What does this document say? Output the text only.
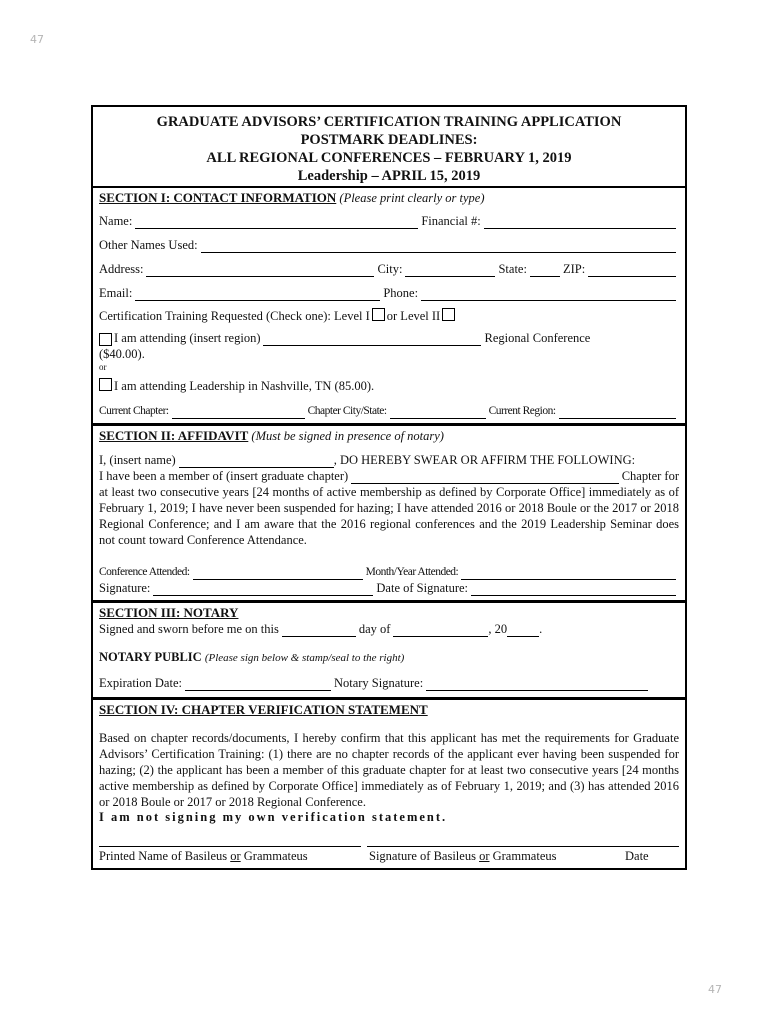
47
GRADUATE ADVISORS’ CERTIFICATION TRAINING APPLICATION
POSTMARK DEADLINES:
ALL REGIONAL CONFERENCES – FEBRUARY 1, 2019
Leadership – APRIL 15, 2019
SECTION I: CONTACT INFORMATION (Please print clearly or type)
Name:	Financial #:
Other Names Used:
Address:	City:	State:	ZIP:
Email:	Phone:
Certification Training Requested (Check one): Level I or Level II
I am attending (insert region)	Regional Conference
($40.00).
or
I am attending Leadership in Nashville, TN (85.00).
Current Chapter:	Chapter City/State:	Current Region:
SECTION II: AFFIDAVIT (Must be signed in presence of notary)
I, (insert name)	, DO HEREBY SWEAR OR AFFIRM THE FOLLOWING:
I have been a member of (insert graduate chapter)	Chapter for
at least two consecutive years [24 months of active membership as defined by Corporate Office] immediately as of February 1, 2019; I have never been suspended for hazing; I have attended 2016 or 2018 Boule or the 2017 or 2018 Regional Conference; and I am aware that the 2016 regional conferences and the 2019 Leadership Seminar does not count toward Conference Attendance.
Conference Attended:	Month/Year Attended:
Signature:	Date of Signature:
SECTION III: NOTARY
Signed and sworn before me on this	day of	, 20	.
NOTARY PUBLIC (Please sign below & stamp/seal to the right)
Expiration Date:	Notary Signature:
SECTION IV: CHAPTER VERIFICATION STATEMENT
Based on chapter records/documents, I hereby confirm that this applicant has met the requirements for Graduate Advisors’ Certification Training: (1) there are no chapter records of the applicant ever having been suspended for hazing; (2) the applicant has been a member of this graduate chapter for at least two consecutive years [24 months active membership as defined by Corporate Office] immediately as of February 1, 2019; and (3) has attended 2016 or 2018 Boule or 2017 or 2018 Regional Conference.
I am not signing my own verification statement.
Printed Name of Basileus or Grammateus	Signature of Basileus or Grammateus	Date
47
